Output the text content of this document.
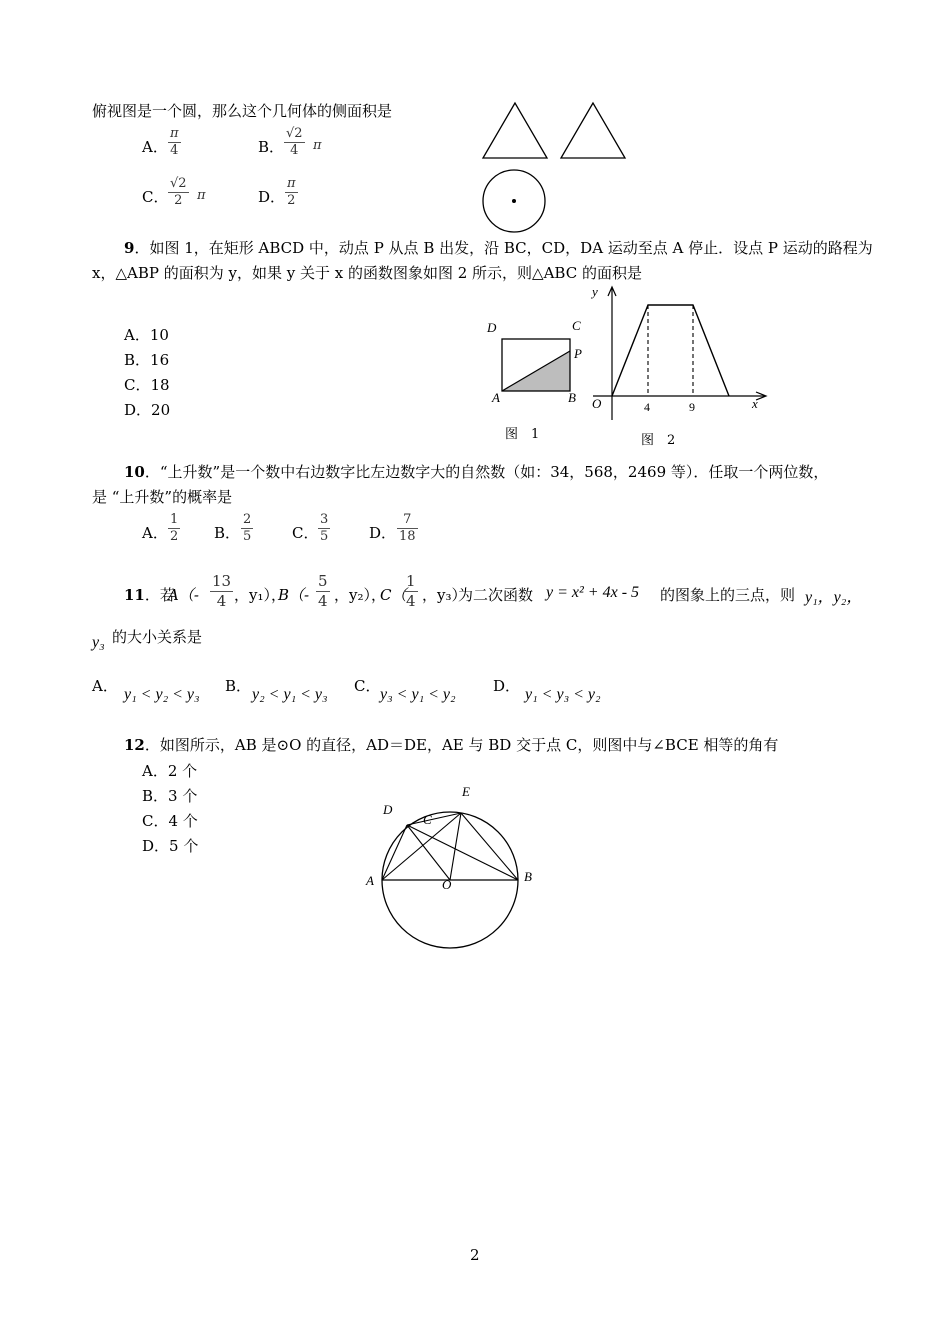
俯视图是一个圆，那么这个几何体的侧面积是
A． $\frac{\pi}{4}$	B． $\frac{√2}{4}$ π
C． $\frac{√2}{2}$ π	D． $\frac{\pi}{2}$
9．如图 1，在矩形 ABCD 中，动点 P 从点 B 出发，沿 BC，CD，DA 运动至点 A 停止．设点 P 运动的路程为
x，△ABP 的面积为 y，如果 y 关于 x 的函数图象如图 2 所示，则△ABC 的面积是
A．10
B．16
C．18
D．20
D	C
P
A	B
图　1
y
x
O	4	9
图　2
10．“上升数”是一个数中右边数字比左边数字大的自然数（如：34，568，2469 等）．任取一个两位数，
是 “上升数”的概率是
A． $\frac{1}{2}$ B． $\frac{2}{5}$	C． $\frac{3}{5}$	D． $\frac{7}{18}$
11．若
$A(- \frac{13}{4}$ ，y₁），
$B(- \frac{5}{4}$ ，y₂），
C（
$\frac{1}{4}$ ，y₃）
为二次函数 y = x² + 4x - 5 的图象上的三点，则 y₁，y₂，
y₃ 的大小关系是
A． y₁ < y₂ < y₃ B． y₂ < y₁ < y₃ C． y₃ < y₁ < y₂ D． y₁ < y₃ < y₂
12．如图所示，AB 是⊙O 的直径，AD＝DE，AE 与 BD 交于点 C，则图中与∠BCE 相等的角有
A．2 个
B．3 个
C．4 个
D．5 个
D
E
C
A	O
B
2
